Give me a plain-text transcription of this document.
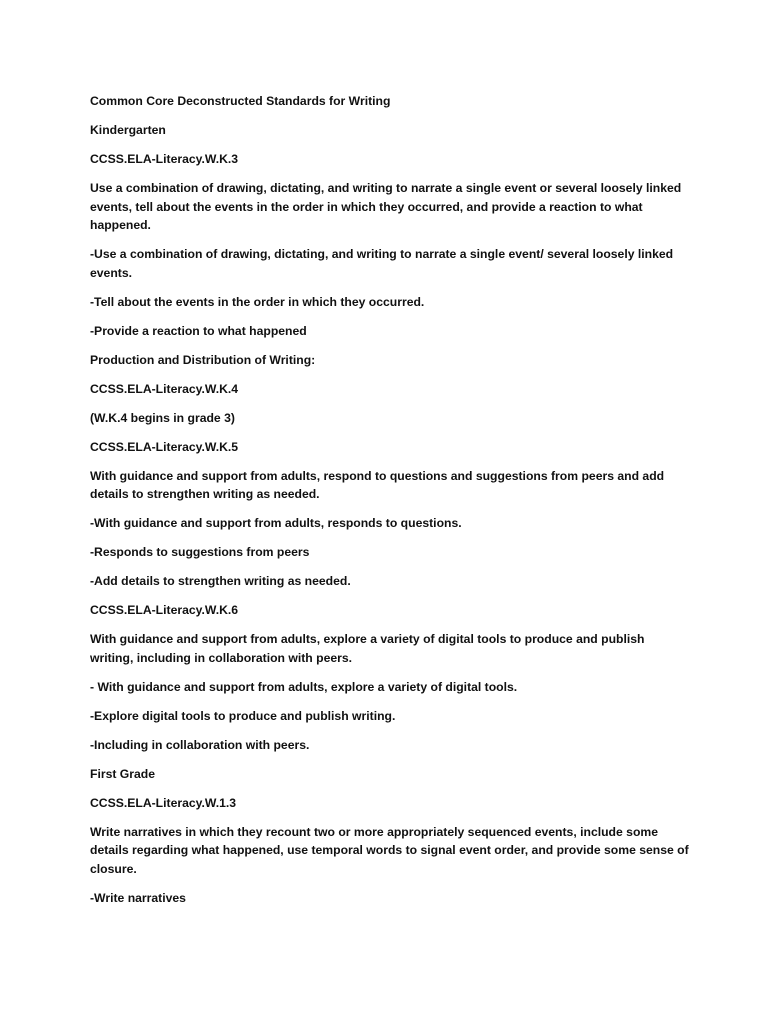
Common Core Deconstructed Standards for Writing

Kindergarten

CCSS.ELA-Literacy.W.K.3

Use a combination of drawing, dictating, and writing to narrate a single event or several loosely linked events, tell about the events in the order in which they occurred, and provide a reaction to what happened.

-Use a combination of drawing, dictating, and writing to narrate a single event/ several loosely linked events.

-Tell about the events in the order in which they occurred.

-Provide a reaction to what happened

Production and Distribution of Writing:

CCSS.ELA-Literacy.W.K.4

(W.K.4 begins in grade 3)

CCSS.ELA-Literacy.W.K.5

With guidance and support from adults, respond to questions and suggestions from peers and add details to strengthen writing as needed.

-With guidance and support from adults, responds to questions.

-Responds to suggestions from peers

-Add details to strengthen writing as needed.

CCSS.ELA-Literacy.W.K.6

With guidance and support from adults, explore a variety of digital tools to produce and publish writing, including in collaboration with peers.

- With guidance and support from adults, explore a variety of digital tools.

-Explore digital tools to produce and publish writing.

-Including in collaboration with peers.

First Grade

CCSS.ELA-Literacy.W.1.3

Write narratives in which they recount two or more appropriately sequenced events, include some details regarding what happened, use temporal words to signal event order, and provide some sense of closure.

-Write narratives
